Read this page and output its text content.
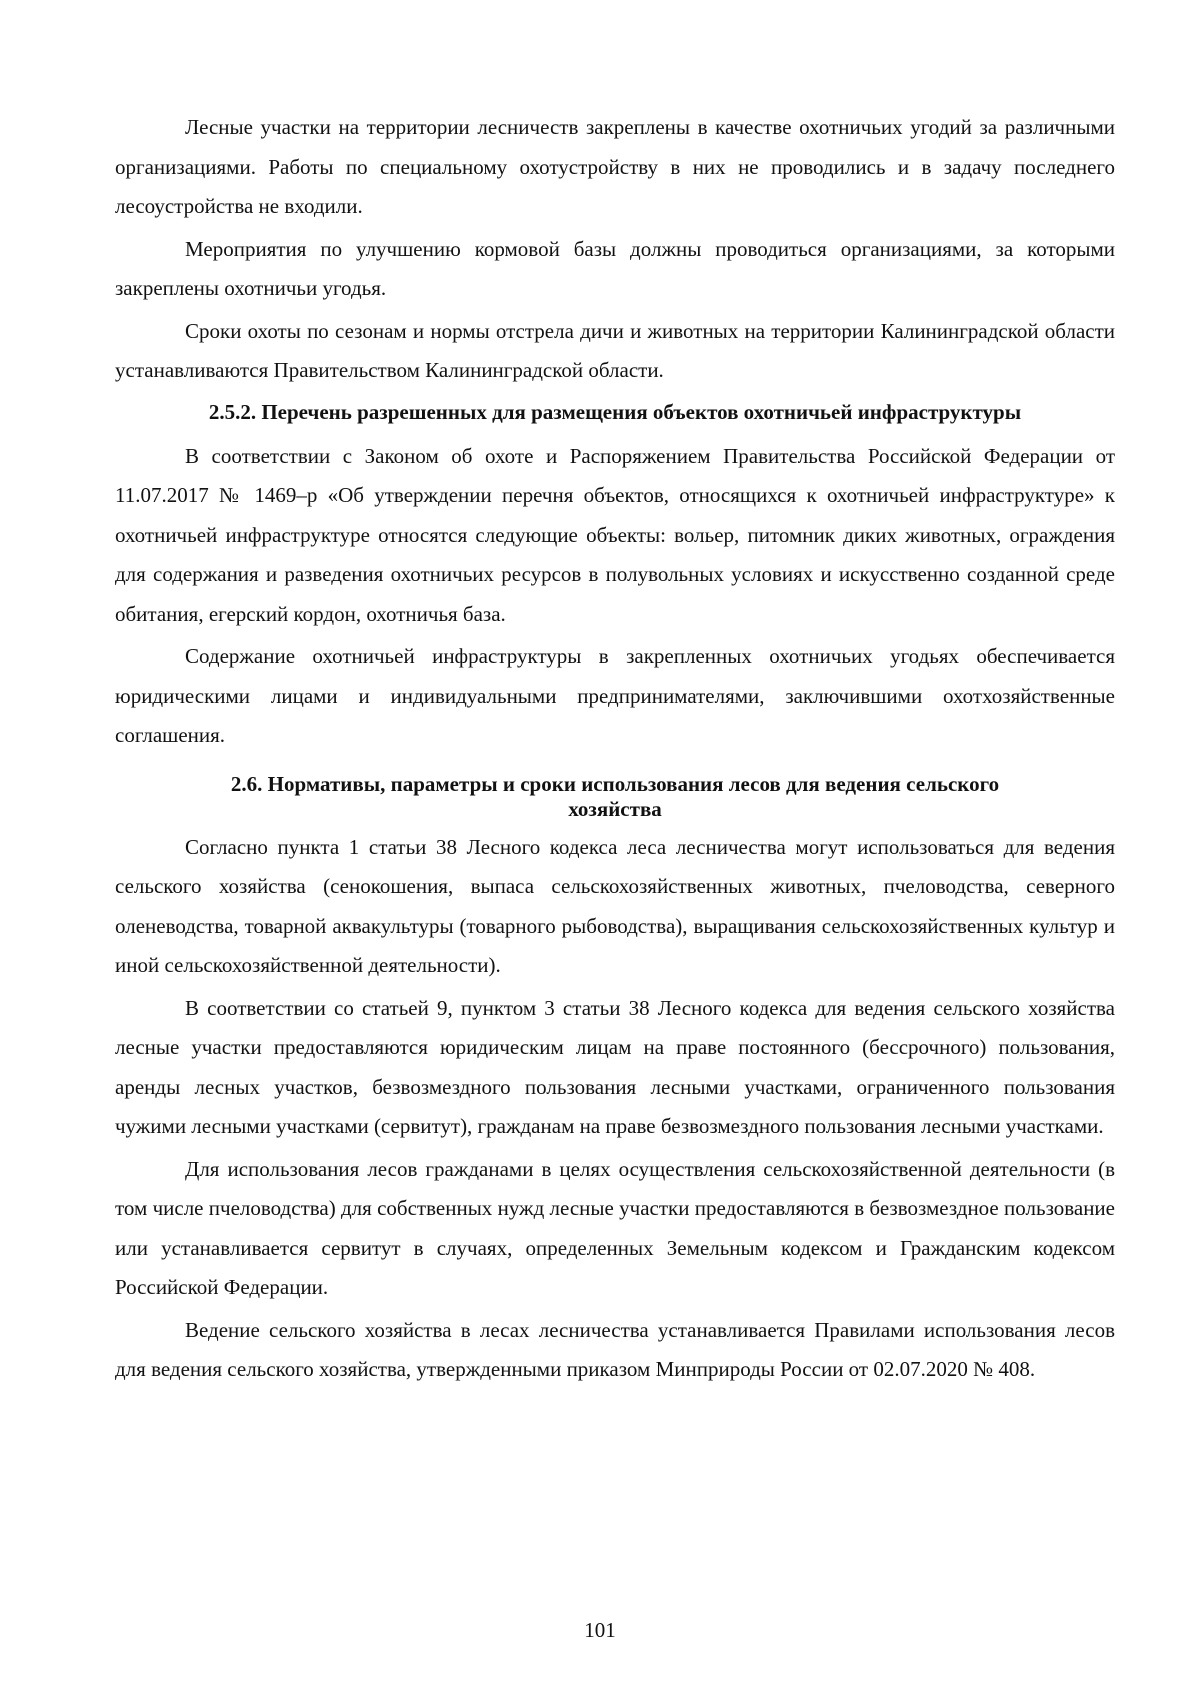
Лесные участки на территории лесничеств закреплены в качестве охотничьих угодий за различными организациями. Работы по специальному охотустройству в них не проводились и в задачу последнего лесоустройства не входили.

Мероприятия по улучшению кормовой базы должны проводиться организациями, за которыми закреплены охотничьи угодья.

Сроки охоты по сезонам и нормы отстрела дичи и животных на территории Калининградской области устанавливаются Правительством Калининградской области.

2.5.2. Перечень разрешенных для размещения объектов охотничьей инфраструктуры

В соответствии с Законом об охоте и Распоряжением Правительства Российской Федерации от 11.07.2017 № 1469–р «Об утверждении перечня объектов, относящихся к охотничьей инфраструктуре» к охотничьей инфраструктуре относятся следующие объекты: вольер, питомник диких животных, ограждения для содержания и разведения охотничьих ресурсов в полувольных условиях и искусственно созданной среде обитания, егерский кордон, охотничья база.

Содержание охотничьей инфраструктуры в закрепленных охотничьих угодьях обеспечивается юридическими лицами и индивидуальными предпринимателями, заключившими охотхозяйственные соглашения.

2.6. Нормативы, параметры и сроки использования лесов для ведения сельского
хозяйства

Согласно пункта 1 статьи 38 Лесного кодекса леса лесничества могут использоваться для ведения сельского хозяйства (сенокошения, выпаса сельскохозяйственных животных, пчеловодства, северного оленеводства, товарной аквакультуры (товарного рыбоводства), выращивания сельскохозяйственных культур и иной сельскохозяйственной деятельности).

В соответствии со статьей 9, пунктом 3 статьи 38 Лесного кодекса для ведения сельского хозяйства лесные участки предоставляются юридическим лицам на праве постоянного (бессрочного) пользования, аренды лесных участков, безвозмездного пользования лесными участками, ограниченного пользования чужими лесными участками (сервитут), гражданам на праве безвозмездного пользования лесными участками.

Для использования лесов гражданами в целях осуществления сельскохозяйственной деятельности (в том числе пчеловодства) для собственных нужд лесные участки предоставляются в безвозмездное пользование или устанавливается сервитут в случаях, определенных Земельным кодексом и Гражданским кодексом Российской Федерации.

Ведение сельского хозяйства в лесах лесничества устанавливается Правилами использования лесов для ведения сельского хозяйства, утвержденными приказом Минприроды России от 02.07.2020 № 408.

101
